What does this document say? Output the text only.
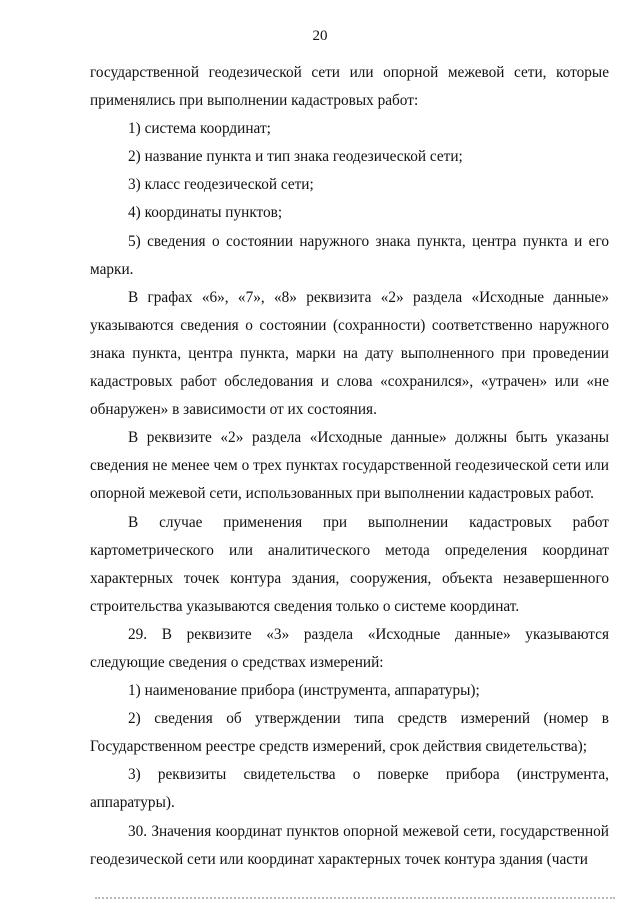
20

государственной геодезической сети или опорной межевой сети, которые применялись при выполнении кадастровых работ:

1) система координат;

2) название пункта и тип знака геодезической сети;

3) класс геодезической сети;

4) координаты пунктов;

5) сведения о состоянии наружного знака пункта, центра пункта и его марки.

В графах «6», «7», «8» реквизита «2» раздела «Исходные данные» указываются сведения о состоянии (сохранности) соответственно наружного знака пункта, центра пункта, марки на дату выполненного при проведении кадастровых работ обследования и слова «сохранился», «утрачен» или «не обнаружен» в зависимости от их состояния.

В реквизите «2» раздела «Исходные данные» должны быть указаны сведения не менее чем о трех пунктах государственной геодезической сети или опорной межевой сети, использованных при выполнении кадастровых работ.

В случае применения при выполнении кадастровых работ картометрического или аналитического метода определения координат характерных точек контура здания, сооружения, объекта незавершенного строительства указываются сведения только о системе координат.

29. В реквизите «3» раздела «Исходные данные» указываются следующие сведения о средствах измерений:

1) наименование прибора (инструмента, аппаратуры);

2) сведения об утверждении типа средств измерений (номер в Государственном реестре средств измерений, срок действия свидетельства);

3) реквизиты свидетельства о поверке прибора (инструмента, аппаратуры).

30. Значения координат пунктов опорной межевой сети, государственной геодезической сети или координат характерных точек контура здания (части
